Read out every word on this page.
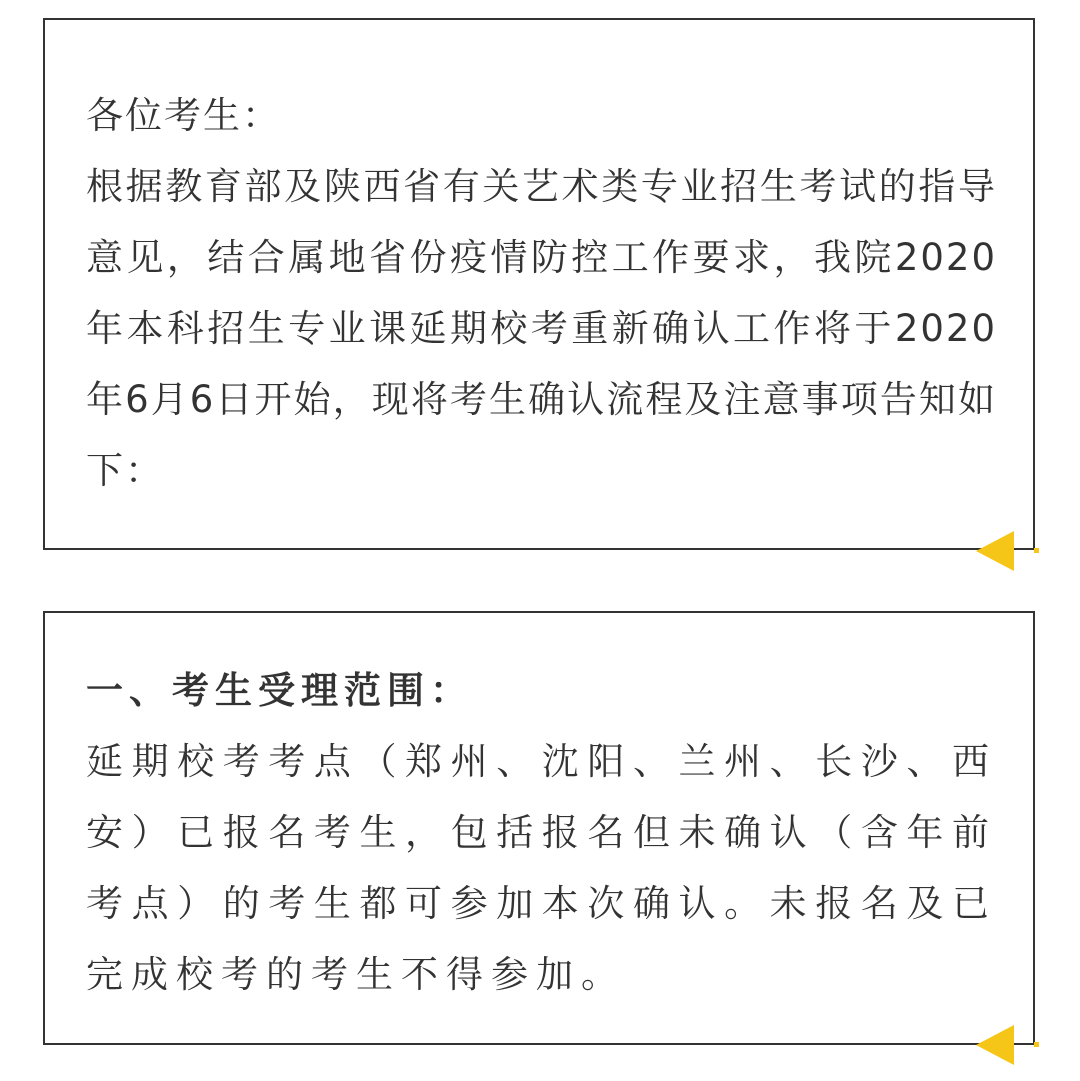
各位考生：
根据教育部及陕西省有关艺术类专业招生考试的指导意见，结合属地省份疫情防控工作要求，我院2020年本科招生专业课延期校考重新确认工作将于2020年6月6日开始，现将考生确认流程及注意事项告知如下：
一、考生受理范围：
延期校考考点（郑州、沈阳、兰州、长沙、西安）已报名考生，包括报名但未确认（含年前考点）的考生都可参加本次确认。未报名及已完成校考的考生不得参加。
